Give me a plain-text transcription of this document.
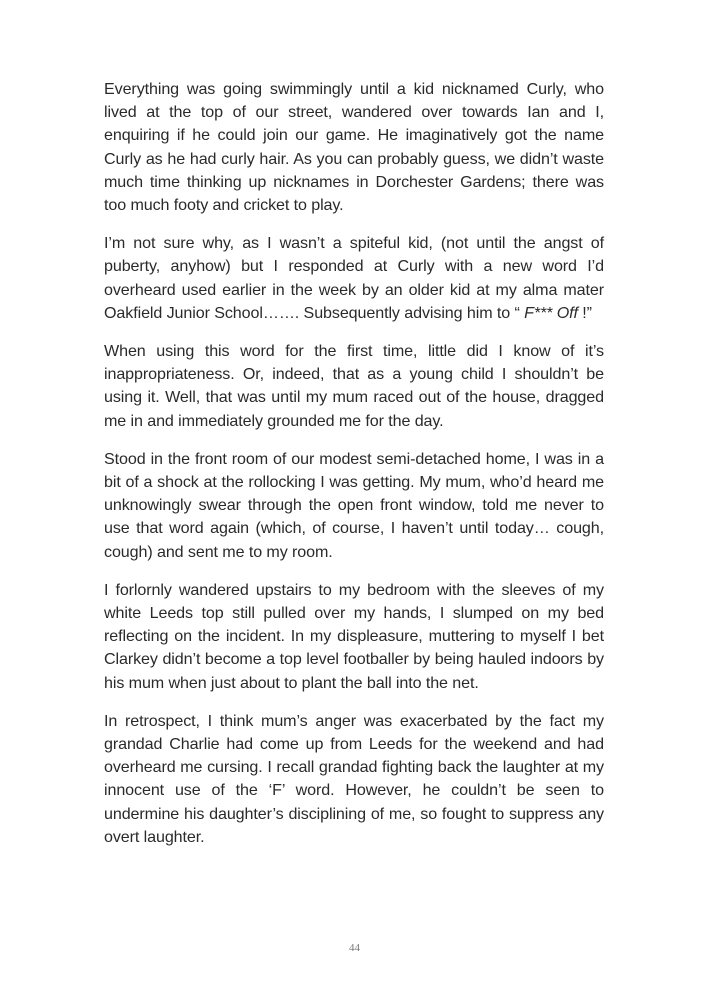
Everything was going swimmingly until a kid nicknamed Curly, who lived at the top of our street, wandered over towards Ian and I, enquiring if he could join our game. He imaginatively got the name Curly as he had curly hair. As you can probably guess, we didn’t waste much time thinking up nicknames in Dorchester Gardens; there was too much footy and cricket to play.

I’m not sure why, as I wasn’t a spiteful kid, (not until the angst of puberty, anyhow) but I responded at Curly with a new word I’d overheard used earlier in the week by an older kid at my alma mater Oakfield Junior School……. Subsequently advising him to “ F*** Off !”

When using this word for the first time, little did I know of it’s inappropriateness. Or, indeed, that as a young child I shouldn’t be using it. Well, that was until my mum raced out of the house, dragged me in and immediately grounded me for the day.

Stood in the front room of our modest semi-detached home, I was in a bit of a shock at the rollocking I was getting. My mum, who’d heard me unknowingly swear through the open front window, told me never to use that word again (which, of course, I haven’t until today… cough, cough) and sent me to my room.

I forlornly wandered upstairs to my bedroom with the sleeves of my white Leeds top still pulled over my hands, I slumped on my bed reflecting on the incident. In my displeasure, muttering to myself I bet Clarkey didn’t become a top level footballer by being hauled indoors by his mum when just about to plant the ball into the net.

In retrospect, I think mum’s anger was exacerbated by the fact my grandad Charlie had come up from Leeds for the weekend and had overheard me cursing. I recall grandad fighting back the laughter at my innocent use of the ‘F’ word. However, he couldn’t be seen to undermine his daughter’s disciplining of me, so fought to suppress any overt laughter.

44
